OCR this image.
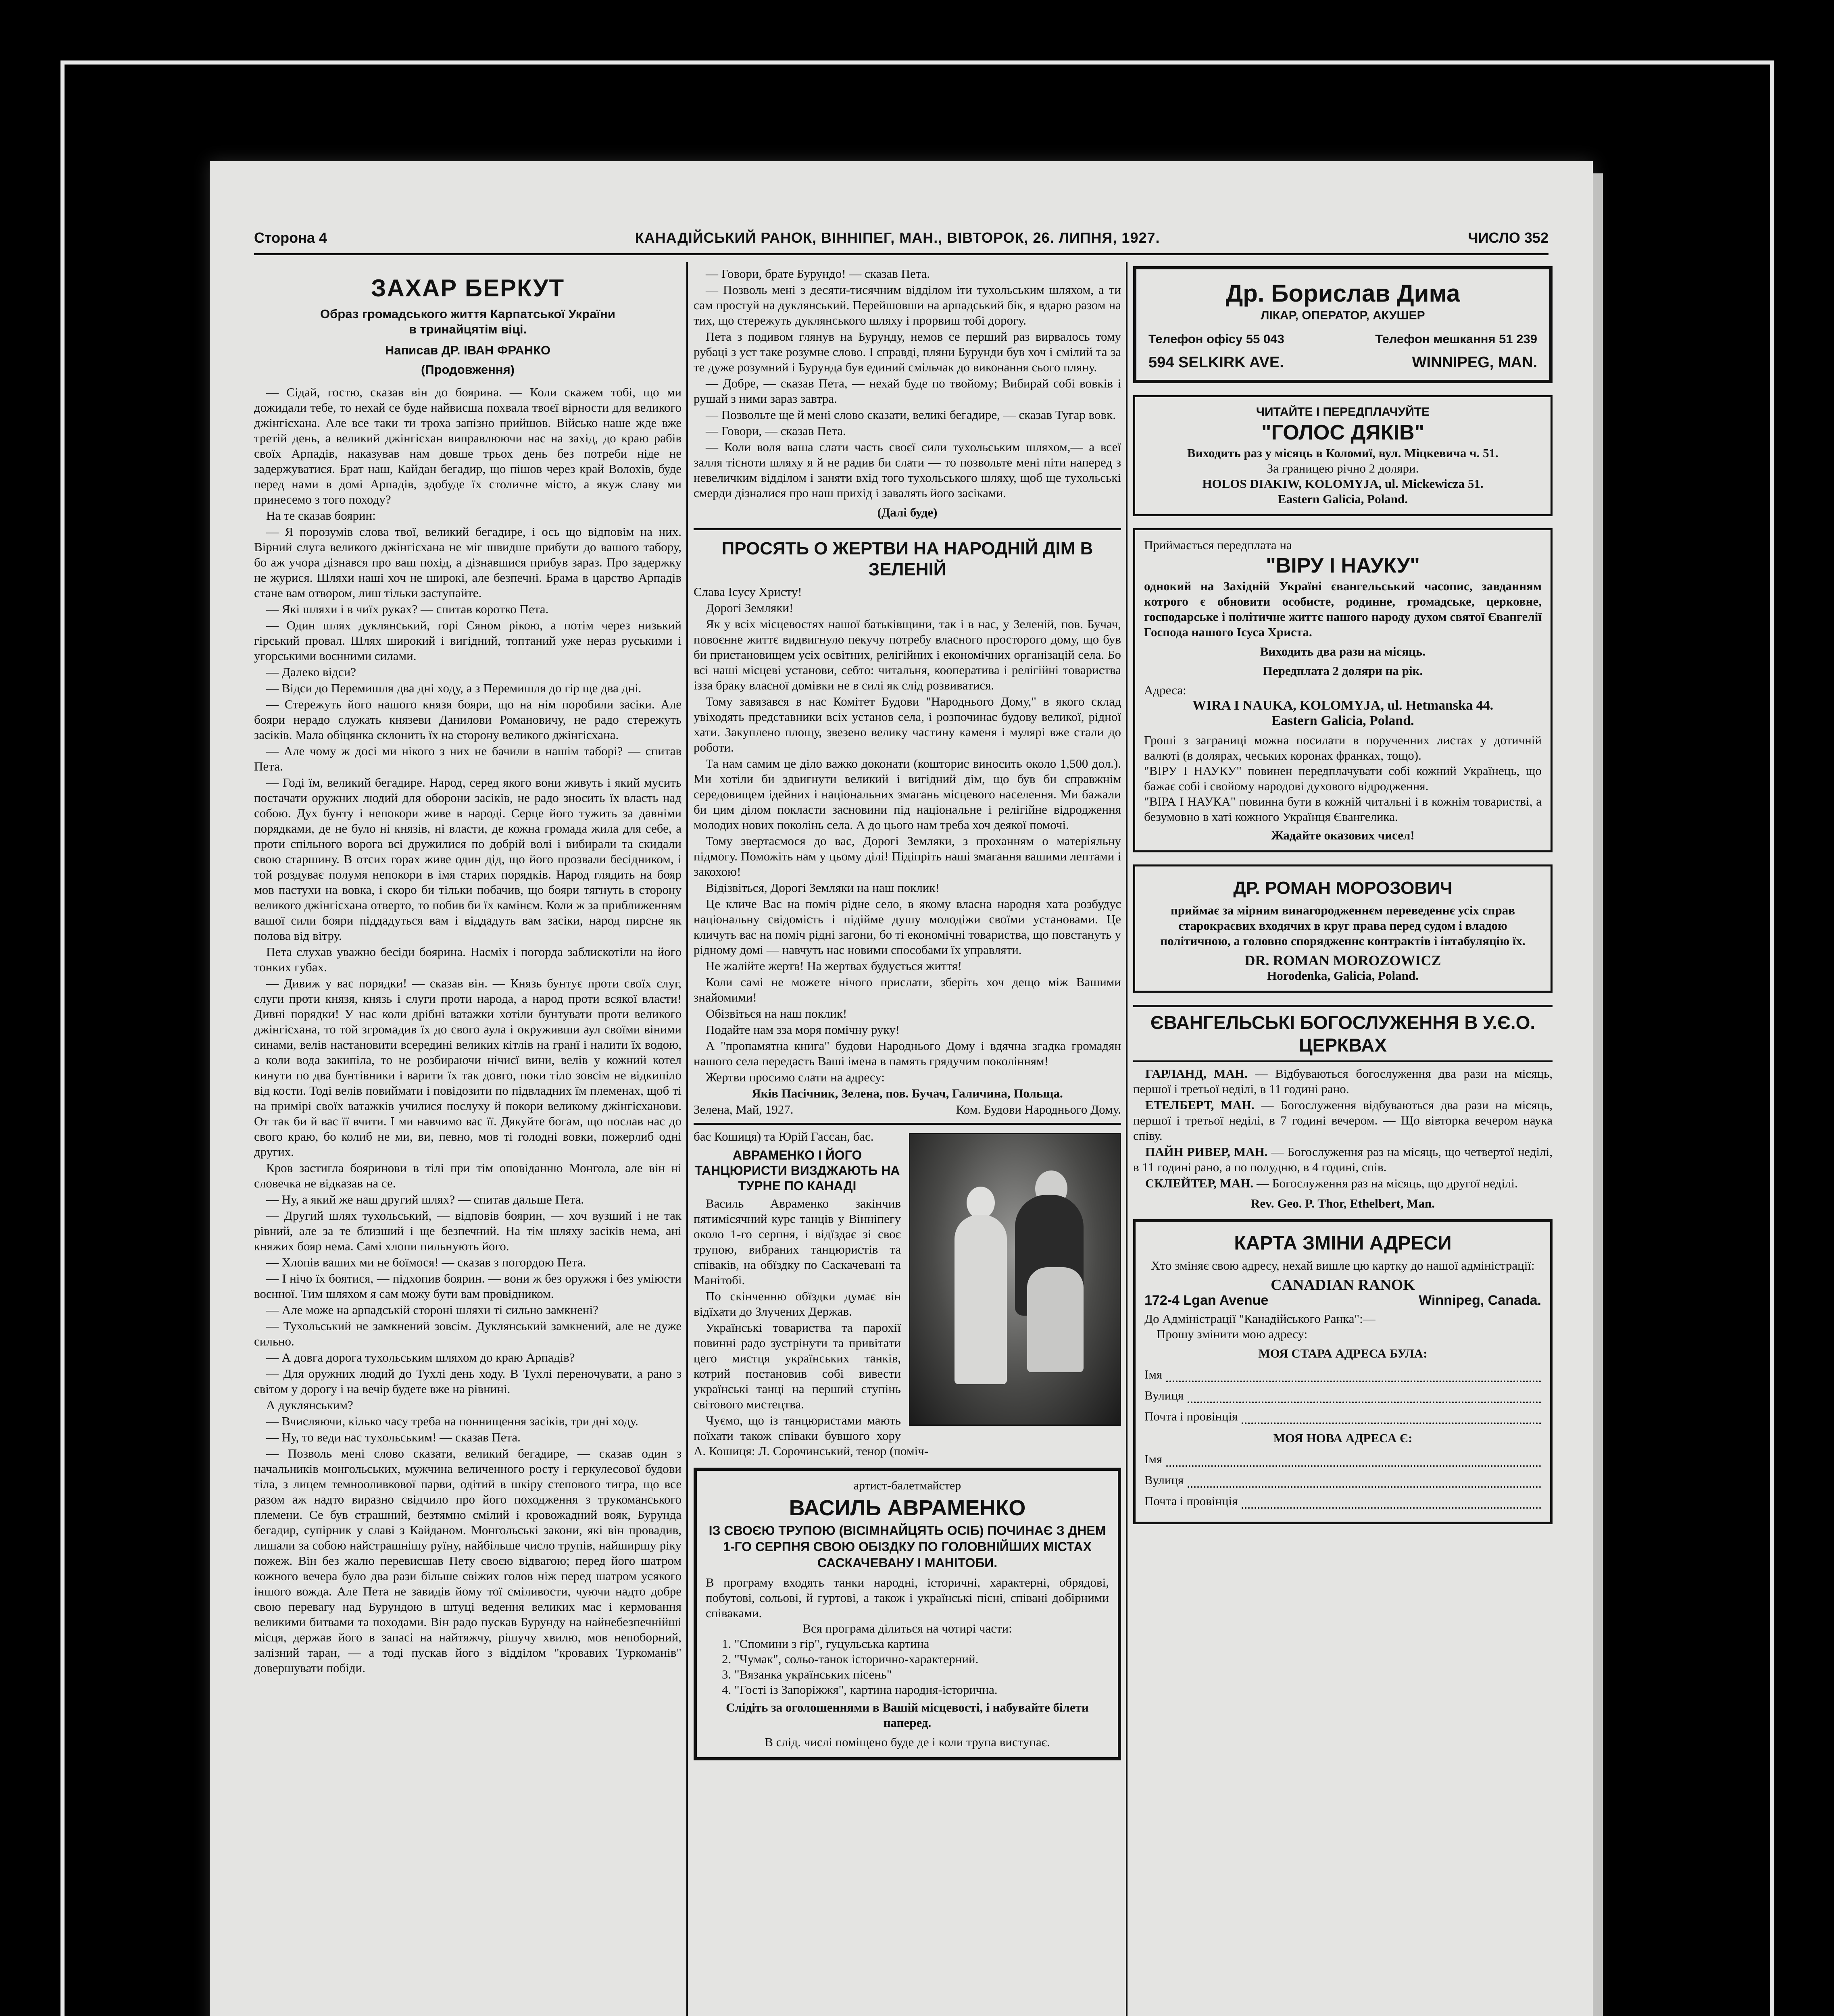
Сторона 4	КАНАДІЙСЬКИЙ РАНОК, ВІННІПЕГ, МАН., ВІВТОРОК, 26. ЛИПНЯ, 1927.	ЧИСЛО 352
ЗАХАР БЕРКУТ
Образ громадського життя Карпатської України
в тринайцятім віці.
Написав ДР. ІВАН ФРАНКО
(Продовження)

— Сідай, гостю, сказав він до боярина. — Коли скажем тобі, що ми дожидали тебе, то нехай се буде найвисша похвала твоєї вірности для великого джінгісхана. Але все таки ти троха запізно прийшов. Військо наше жде вже третій день, а великий джінгісхан виправлюючи нас на захід, до краю рабів своїх Арпадів, наказував нам довше трьох день без потреби ніде не задержуватися. Брат наш, Кайдан бегадир, що пішов через край Волохів, буде перед нами в домі Арпадів, здобуде їх столичне місто, а якуж славу ми принесемо з того походу?

На те сказав боярин:

— Я порозумів слова твої, великий бегадире, і ось що відповім на них. Вірний слуга великого джінгісхана не міг швидше прибути до вашого табору, бо аж учора дізнався про ваш похід, а дізнавшися прибув зараз. Про задержку не журися. Шляхи наші хоч не широкі, але безпечні. Брама в царство Арпадів стане вам отвором, лиш тільки заступайте.

— Які шляхи і в чиїх руках? — спитав коротко Пета.

— Один шлях дуклянський, горі Сяном рікою, а потім через низький гірський провал. Шлях широкий і вигідний, топтаний уже нераз руськими і угорськими воєнними силами.

— Далеко відси?

— Відси до Перемишля два дні ходу, а з Перемишля до гір ще два дні.

— Стережуть його нашого князя бояри, що на нім поробили засіки. Але бояри нерадо служать князеви Данилови Романовичу, не радо стережуть засіків. Мала обіцянка склонить їх на сторону великого джінгісхана.

— Але чому ж досі ми нікого з них не бачили в нашім таборі? — спитав Пета.

— Годі їм, великий бегадире. Народ, серед якого вони живуть і який мусить постачати оружних людий для оборони засіків, не радо зносить їх власть над собою. Дух бунту і непокори живе в народі. Серце його тужить за давніми порядками, де не було ні князів, ні власти, де кожна громада жила для себе, а проти спільного ворога всі дружилися по добрій волі і вибирали та скидали свою старшину. В отсих горах живе один дід, що його прозвали бесідником, і той роздуває полумя непокори в імя старих порядків. Народ глядить на бояр мов пастухи на вовка, і скоро би тільки побачив, що бояри тягнуть в сторону великого джінгісхана отверто, то побив би їх камінєм. Коли ж за приближенням вашої сили бояри піддадуться вам і віддадуть вам засіки, народ пирсне як полова від вітру.

Пета слухав уважно бесіди боярина. Насміх і погорда заблискотіли на його тонких губах.

— Дивиж у вас порядки! — сказав він. — Князь бунтує проти своїх слуг, слуги проти князя, князь і слуги проти народа, а народ проти всякої власти! Дивні порядки! У нас коли дрібні ватажки хотіли бунтувати проти великого джінгісхана, то той згромадив їх до свого аула і окруживши аул своїми віними синами, велів настановити всередині великих кітлів на гранї і налити їх водою, а коли вода закипіла, то не розбираючи нічиєї вини, велів у кожний котел кинути по два бунтівники і варити їх так довго, поки тіло зовсім не відкипіло від кости. Тоді велів повиймати і повідозити по підвладних їм племенах, щоб ті на примірі своїх ватажків училися послуху й покори великому джінгісханови. От так би й вас її вчити. І ми навчимо вас її. Дякуйте богам, що послав нас до свого краю, бо колиб не ми, ви, певно, мов ті голодні вовки, пожерлиб одні других.

Кров застигла бояринови в тілі при тім оповіданню Монгола, але він ні словечка не відказав на се.

— Ну, а який же наш другий шлях? — спитав дальше Пета.

— Другий шлях тухольський, — відповів боярин, — хоч вузший і не так рівний, але за те близший і ще безпечний. На тім шляху засіків нема, ані княжих бояр нема. Самі хлопи пильнують його.

— Хлопів ваших ми не боїмося! — сказав з погордою Пета.

— І нічо їх боятися, — підхопив боярин. — вони ж без оружжя і без уміюсти воєнної. Тим шляхом я сам можу бути вам провідником.

— Але може на арпадській стороні шляхи ті сильно замкнені?

— Тухольський не замкнений зовсім. Дуклянський замкнений, але не дуже сильно.

— А довга дорога тухольським шляхом до краю Арпадів?

— Для оружних людий до Тухлі день ходу. В Тухлі переночувати, а рано з світом у дорогу і на вечір будете вже на рівнині.

А дуклянським?

— Вчисляючи, кілько часу треба на поннищення засіків, три дні ходу.

— Ну, то веди нас тухольським! — сказав Пета.

— Позволь мені слово сказати, великий бегадире, — сказав один з начальників монгольських, мужчина величенного росту і геркулесової будови тіла, з лицем темнооливкової парви, одітий в шкіру степового тигра, що все разом аж надто виразно свідчило про його походження з трукоманського племени. Се був страшний, безтямно смілий і кровожадний вояк, Бурунда бегадир, супірник у славі з Кайданом. Монгольські закони, які він провадив, лишали за собою найстрашнішу руїну, найбільше число трупів, найширшу ріку пожеж. Він без жалю перевисшав Пету своєю відвагою; перед його шатром кожного вечера було два рази більше свіжих голов ніж перед шатром усякого іншого вожда. Але Пета не завидів йому тої сміливости, чуючи надто добре свою перевагу над Бурундою в штуці ведення великих мас і кермовання великими битвами та походами. Він радо пускав Бурунду на найнебезпечнійші місця, держав його в запасі на найтяжчу, рішучу хвилю, мов непоборний, залізний таран, — а тоді пускав його з відділом "кровавих Туркоманів" довершувати побіди.

— Говори, брате Бурундо! — сказав Пета.

— Позволь мені з десяти-тисячним відділом іти тухольським шляхом, а ти сам простуй на дуклянський. Перейшовши на арпадський бік, я вдарю разом на тих, що стережуть дуклянського шляху і прорвиш тобі дорогу.

Пета з подивом глянув на Бурунду, немов се перший раз вирвалось тому рубаці з уст таке розумне слово. І справді, пляни Бурунди був хоч і смілий та за те дуже розумний і Бурунда був единий смільчак до виконання сього пляну.

— Добре, — сказав Пета, — нехай буде по твойому; Вибирай собі вовків і рушай з ними зараз завтра.

— Позвольте ще й мені слово сказати, великі бегадире, — сказав Тугар вовк.

— Говори, — сказав Пета.

— Коли воля ваша слати часть своєї сили тухольським шляхом,— а всеї залля тісноти шляху я й не радив би слати — то позвольте мені піти наперед з невеличким відділом і заняти вхід того тухольського шляху, щоб ще тухольські смерди дізналися про наш прихід і завалять його засіками.

(Далі буде)

ПРОСЯТЬ О ЖЕРТВИ НА НАРОДНІЙ ДІМ В ЗЕЛЕНІЙ

Слава Ісусу Христу!

Дорогі Земляки!

Як у всіх місцевостях нашої батьківщини, так і в нас, у Зеленій, пов. Бучач, повоєнне життє видвигнуло пекучу потребу власного просторого дому, що був би пристановищем усіх освітних, релігійних і економічних організацій села. Бо всі наші місцеві установи, себто: читальня, кооператива і релігійні товариства ізза браку власної домівки не в силі як слід розвиватися.

Тому завязався в нас Комітет Будови "Народнього Дому," в якого склад увіходять представники всіх установ села, і розпочинає будову великої, рідної хати. Закуплено площу, звезено велику частину каменя і мулярі вже стали до роботи.

Та нам самим це діло важко доконати (кошторис виносить около 1,500 дол.). Ми хотіли би здвигнути великий і вигідний дім, що був би справжнім середовищем ідейних і національних змагань місцевого населення. Ми бажали би цим ділом покласти засновини під національне і релігійне відродження молодих нових поколінь села. А до цього нам треба хоч деякої помочі.

Тому звертаємося до вас, Дорогі Земляки, з проханням о матеріяльну підмогу. Поможіть нам у цьому ділі! Підіпріть наші змагання вашими лептами і закохою!

Відізвіться, Дорогі Земляки на наш поклик!

Це кличе Вас на поміч рідне село, в якому власна народня хата розбудує національну свідомість і підійме душу молодіжи своїми установами. Це кличуть вас на поміч рідні загони, бо ті економічні товариства, що повстануть у рідному домі — навчуть нас новими способами їх управляти.

Не жалійте жертв! На жертвах будується життя!

Коли самі не можете нічого прислати, зберіть хоч дещо між Вашими знайомими!

Обізвіться на наш поклик!

Подайте нам зза моря помічну руку!

А "пропамятна книга" будови Народнього Дому і вдячна згадка громадян нашого села передасть Ваші імена в память грядучим поколінням!

Жертви просимо слати на адресу:

Яків Пасічник, Зелена, пов. Бучач, Галичина, Польща.

Зелена, Май, 1927.	Ком. Будови Народнього Дому.

бас Кошиця) та Юрій Гассан, бас.

АВРАМЕНКО І ЙОГО ТАНЦЮРИСТИ ВИЗДЖАЮТЬ НА ТУРНЕ ПО КАНАДІ

Василь Авраменко закінчив пятимісячний курс танців у Вінніпегу около 1-го серпня, і відїздає зі своє трупою, вибраних танцюристів та співаків, на обїздку по Саскачевані та Манітобі.

По скінченню обїздки думає він відїхати до Злучених Держав.

Українські товариства та парохії повинні радо зустрінути та привітати цего мистця українських танків, котрий постановив собі вивести українські танці на перший ступінь світового мистецтва.

Чуємо, що із танцюристами мають поїхати також співаки бувшого хору А. Кошиця: Л. Сорочинський, тенор (поміч-

артист-балетмайстер
ВАСИЛЬ АВРАМЕНКО
ІЗ СВОЄЮ ТРУПОЮ (ВІСІМНАЙЦЯТЬ ОСІБ) ПОЧИНАЄ З ДНЕМ 1-ГО СЕРПНЯ СВОЮ ОБІЗДКУ ПО ГОЛОВНІЙШИХ МІСТАХ САСКАЧЕВАНУ І МАНІТОБИ.
В програму входять танки народні, історичні, характерні, обрядові, побутові, сольові, й гуртові, а також і українські пісні, співані добірними співаками.
Вся програма ділиться на чотирі части:
1. "Спомини з гір", гуцульська картина
2. "Чумак", сольо-танок історично-характерний.
3. "Вязанка українських пісень"
4. "Гості із Запоріжжя", картина народня-історична.
Слідіть за оголошеннями в Вашій місцевості, і набувайте білети наперед.
В слід. числі поміщено буде де і коли трупа виступає.
Др. Борислав Дима
ЛІКАР, ОПЕРАТОР, АКУШЕР
Телефон офісу 55 043	Телефон мешкання 51 239
594 SELKIRK AVE.	WINNIPEG, MAN.
ЧИТАЙТЕ І ПЕРЕДПЛАЧУЙТЕ
"ГОЛОС ДЯКІВ"
Виходить раз у місяць в Коломиї, вул. Міцкевича ч. 51.
За границею річно 2 доляри.
HOLOS DIAKIW, KOLOMYJA, ul. Mickewicza 51.
Eastern Galicia, Poland.
Приймається передплата на
"ВІРУ І НАУКУ"
однокий на Західній Україні євангельський часопис, завданням котрого є обновити особисте, родинне, громадське, церковне, господарське і політичне життє нашого народу духом святої Євангелії Господа нашого Ісуса Христа.
Виходить два рази на місяць.
Передплата 2 доляри на рік.
Адреса:
WIRA I NAUKA, KOLOMYJA, ul. Hetmanska 44.
Eastern Galicia, Poland.
Гроші з заграниці можна посилати в порученних листах у дотичній валюті (в долярах, чеських коронах франках, тощо).
"ВІРУ І НАУКУ" повинен передплачувати собі кожний Українець, що бажає собі і свойому народові духового відродження.
"ВІРА І НАУКА" повинна бути в кожній читальні і в кожнім товаристві, а безумовно в хаті кожного Українця Євангелика.
Жадайте оказових чисел!
ДР. РОМАН МОРОЗОВИЧ
приймає за мірним винагородженнєм переведеннє усіх справ старокраєвих входячих в круг права перед судом і владою політичною, а головно спорядженнє контрактів і інтабуляцію їх.
DR. ROMAN MOROZOWICZ
Horodenka, Galicia, Poland.
ЄВАНГЕЛЬСЬКІ БОГОСЛУЖЕННЯ В У.Є.О. ЦЕРКВАХ

ГАРЛАНД, МАН. — Відбуваються богослуження два рази на місяць, першої і третьої неділі, в 11 годині рано.

ЕТЕЛБЕРТ, МАН. — Богослуження відбуваються два рази на місяць, першої і третьої неділі, в 7 годині вечером. — Що вівторка вечером наука співу.

ПАЙН РИВЕР, МАН. — Богослуження раз на місяць, що четвертої неділі, в 11 годині рано, а по полудню, в 4 годині, спів.

СКЛЕЙТЕР, МАН. — Богослуження раз на місяць, що другої неділі.

Rev. Geo. P. Thor, Ethelbert, Man.

КАРТА ЗМІНИ АДРЕСИ
Хто зміняє свою адресу, нехай вишле цю картку до нашої адміністрації:
CANADIAN RANOK
172-4 Lgan Avenue	Winnipeg, Canada.
До Адміністрації "Канадійського Ранка":—
Прошу змінити мою адресу:
МОЯ СТАРА АДРЕСА БУЛА:
Імя
Вулиця
Почта і провінція
МОЯ НОВА АДРЕСА Є:
Імя
Вулиця
Почта і провінція
